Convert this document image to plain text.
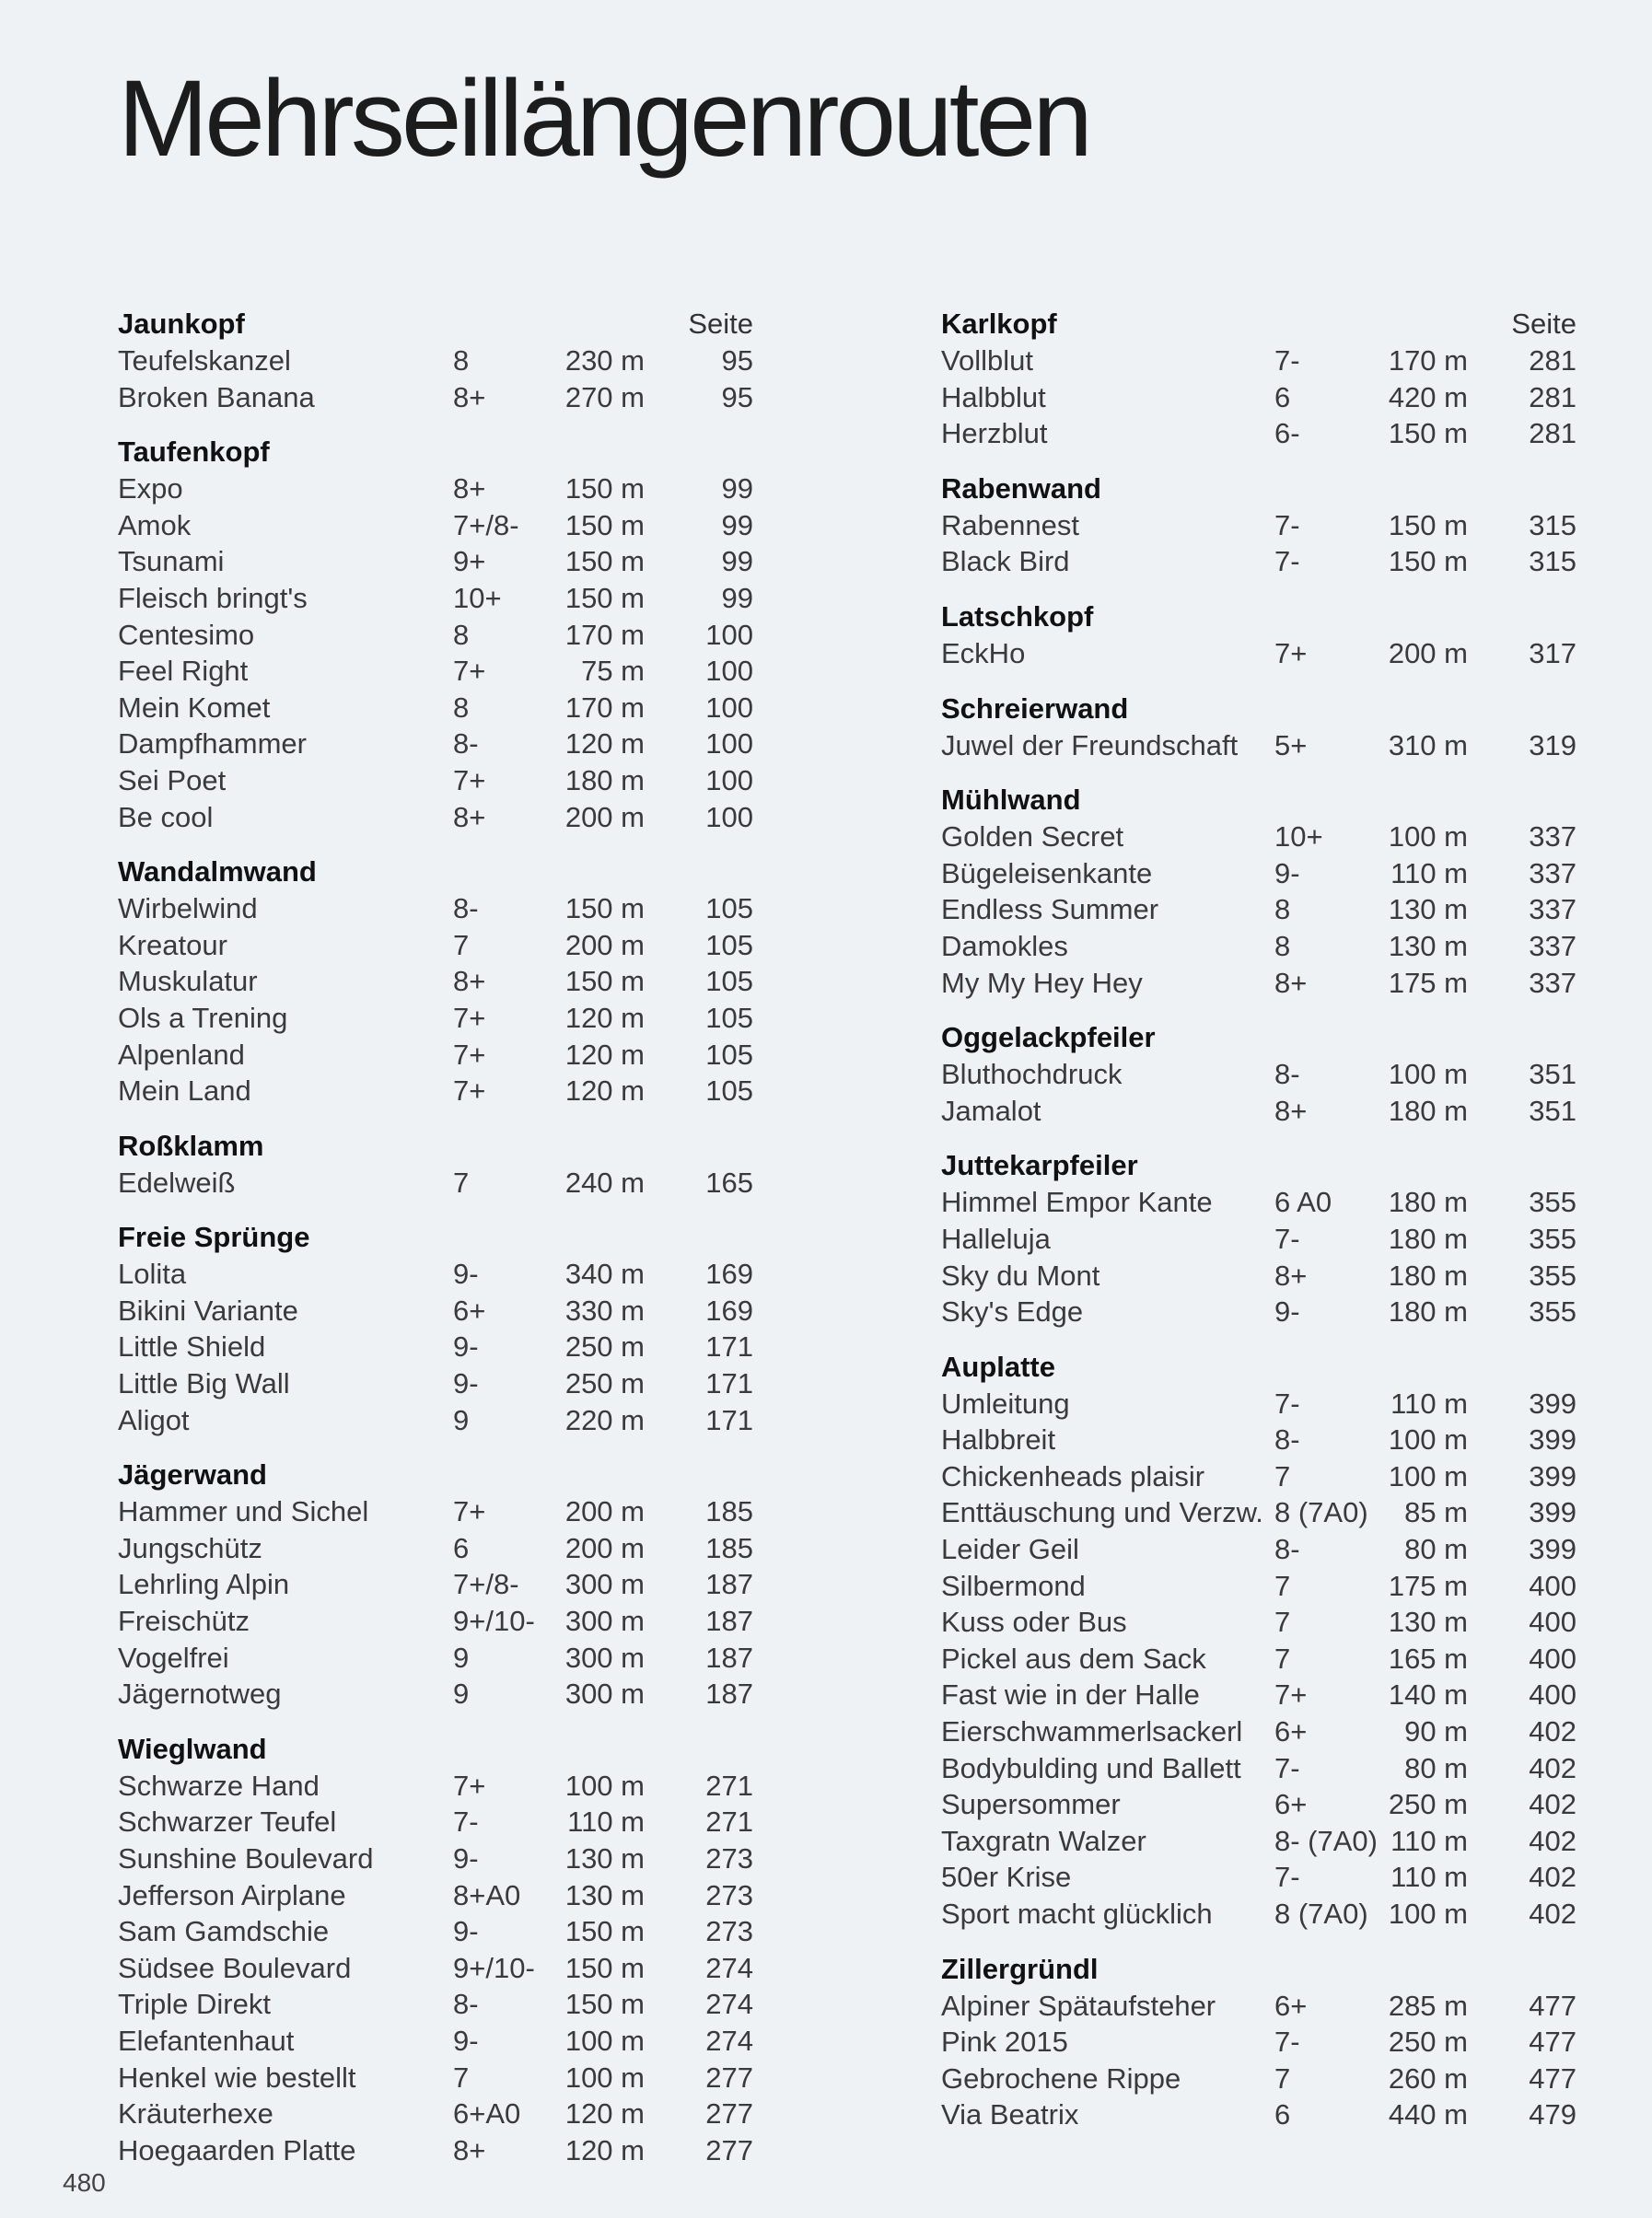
Mehrseillängenrouten
Jaunkopf	Seite
Teufelskanzel	8	230 m	95
Broken Banana	8+	270 m	95
Taufenkopf
Expo	8+	150 m	99
Amok	7+/8- 150 m	99
Tsunami	9+	150 m	99
Fleisch bringt's	10+ 150 m	99
Centesimo	8	170 m 100
Feel Right	7+	75 m 100
Mein Komet	8	170 m 100
Dampfhammer	8-	120 m 100
Sei Poet	7+	180 m 100
Be cool	8+	200 m 100
Wandalmwand
Wirbelwind	8-	150 m 105
Kreatour	7	200 m 105
Muskulatur	8+	150 m 105
Ols a Trening	7+	120 m 105
Alpenland	7+	120 m 105
Mein Land	7+	120 m 105
Roßklamm
Edelweiß	7	240 m 165
Freie Sprünge
Lolita	9-	340 m 169
Bikini Variante	6+	330 m 169
Little Shield	9-	250 m 171
Little Big Wall	9-	250 m 171
Aligot	9	220 m 171
Jägerwand
Hammer und Sichel	7+	200 m 185
Jungschütz	6	200 m 185
Lehrling Alpin	7+/8- 300 m 187
Freischütz	9+/10- 300 m 187
Vogelfrei	9	300 m 187
Jägernotweg	9	300 m 187
Wieglwand
Schwarze Hand	7+	100 m 271
Schwarzer Teufel	7-	110 m 271
Sunshine Boulevard	9-	130 m 273
Jefferson Airplane	8+A0 130 m 273
Sam Gamdschie	9-	150 m 273
Südsee Boulevard	9+/10- 150 m 274
Triple Direkt	8-	150 m 274
Elefantenhaut	9-	100 m 274
Henkel wie bestellt	7	100 m 277
Kräuterhexe	6+A0 120 m 277
Hoegaarden Platte	8+	120 m 277
Karlkopf	Seite
Vollblut	7-	170 m 281
Halbblut	6	420 m 281
Herzblut	6-	150 m 281
Rabenwand
Rabennest	7-	150 m 315
Black Bird	7-	150 m 315
Latschkopf
EckHo	7+	200 m 317
Schreierwand
Juwel der Freundschaft 5+	310 m 319
Mühlwand
Golden Secret	10+ 100 m 337
Bügeleisenkante	9-	110 m 337
Endless Summer	8	130 m 337
Damokles	8	130 m 337
My My Hey Hey	8+	175 m 337
Oggelackpfeiler
Bluthochdruck	8-	100 m 351
Jamalot	8+	180 m 351
Juttekarpfeiler
Himmel Empor Kante 6 A0 180 m 355
Halleluja	7-	180 m 355
Sky du Mont	8+	180 m 355
Sky's Edge	9-	180 m 355
Auplatte
Umleitung	7-	110 m 399
Halbbreit	8-	100 m 399
Chickenheads plaisir 7	100 m 399
Enttäuschung und Verzw. 8 (7A0) 85 m 399
Leider Geil	8-	80 m 399
Silbermond	7	175 m 400
Kuss oder Bus	7	130 m 400
Pickel aus dem Sack 7	165 m 400
Fast wie in der Halle	7+	140 m 400
Eierschwammerlsackerl 6+	90 m 402
Bodybulding und Ballett 7-	80 m 402
Supersommer	6+	250 m 402
Taxgratn Walzer	8- (7A0) 110 m 402
50er Krise	7-	110 m 402
Sport macht glücklich 8 (7A0) 100 m 402
Zillergründl
Alpiner Spätaufsteher 6+	285 m 477
Pink 2015	7-	250 m 477
Gebrochene Rippe	7	260 m 477
Via Beatrix	6	440 m 479
480
